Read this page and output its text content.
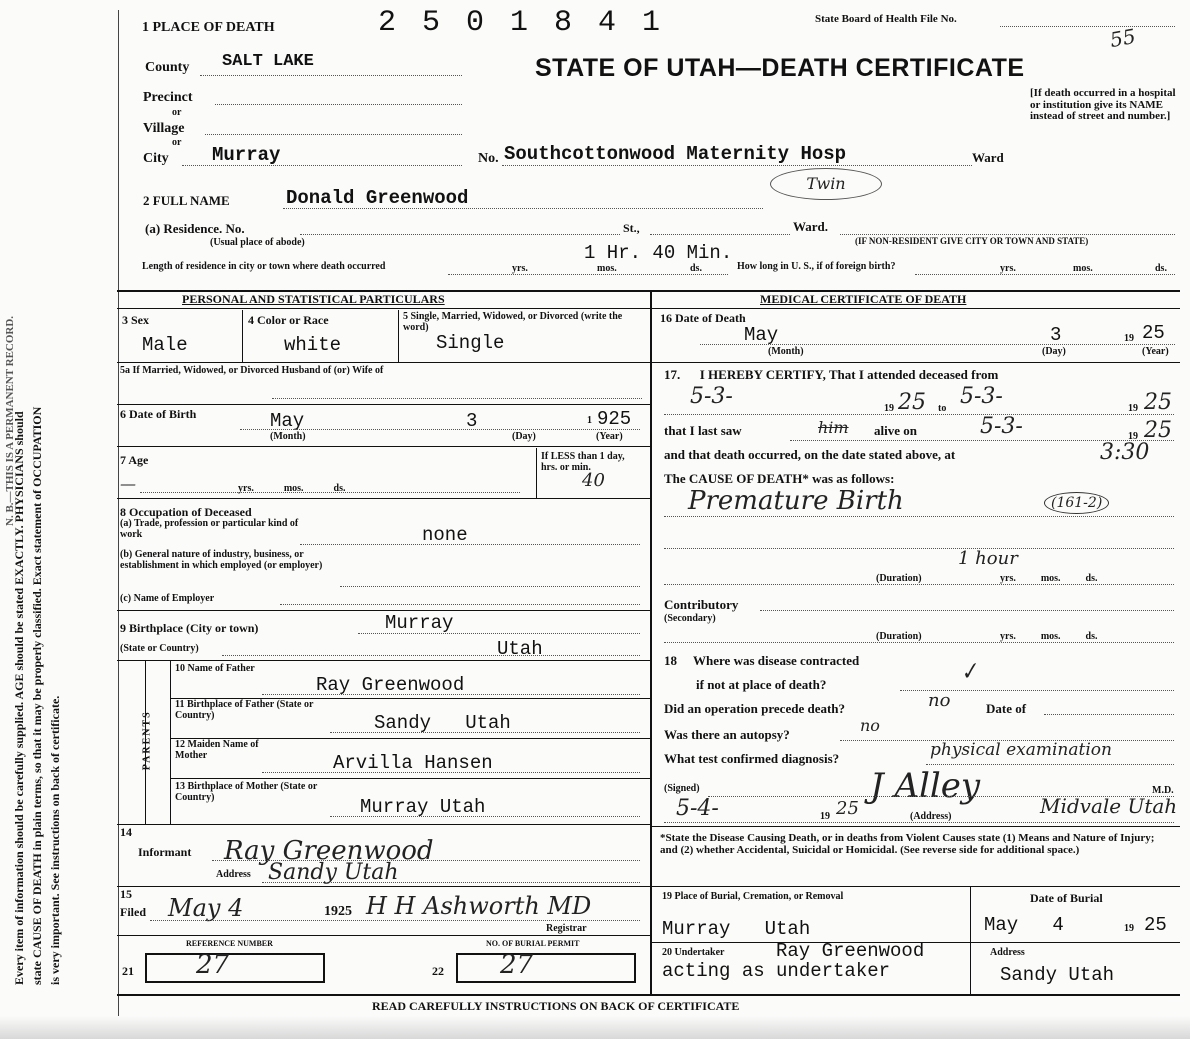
Every item of information should be carefully supplied. AGE should be stated EXACTLY. PHYSICIANS should state CAUSE OF DEATH in plain terms, so that it may be properly classified. Exact statement of OCCUPATION is very important. See instructions on back of certificate.
N. B.—THIS IS A PERMANENT RECORD.
1 PLACE OF DEATH	2 5 0 1 8 4 1	State Board of Health File No.
55
STATE OF UTAH—DEATH CERTIFICATE
County SALT LAKE
Precinct
or
Village
or
City Murray	No. Southcottonwood Maternity Hosp	Ward
[If death occurred in a hospital or institution give its NAME instead of street and number.]
Twin
2 FULL NAME	Donald Greenwood
(a) Residence. No.
(Usual place of abode)
St.,	Ward.
(IF NON-RESIDENT GIVE CITY OR TOWN AND STATE)
1 Hr. 40 Min.
Length of residence in city or town where death occurred	yrs.	mos.	ds.	How long in U. S., if of foreign birth?	yrs.	mos.	ds.
PERSONAL AND STATISTICAL PARTICULARS
3 Sex
Male
4 Color or Race
white
5 Single, Married, Widowed, or Divorced (write the word)
Single
5a If Married, Widowed, or Divorced Husband of (or) Wife of
6 Date of Birth	May	3	1 925
(Month)	(Day)	(Year)
7 Age
—	yrs.            mos.            ds.
If LESS than 1 day, hrs. or min.
40
8 Occupation of Deceased
(a) Trade, profession or particular kind of work	none
(b) General nature of industry, business, or establishment in which employed (or employer)
(c) Name of Employer
9 Birthplace (City or town)	Murray
(State or Country)	Utah
PARENTS
10 Name of Father
Ray Greenwood
11 Birthplace of Father (State or Country)	Sandy   Utah
12 Maiden Name of Mother	Arvilla Hansen
13 Birthplace of Mother (State or Country)	Murray Utah
14
Informant Ray Greenwood
Address Sandy Utah
15
Filed May 4	1925 H H Ashworth MD
Registrar
REFERENCE NUMBER	NO. OF BURIAL PERMIT
21	22
27	27
MEDICAL CERTIFICATE OF DEATH
16 Date of Death
May	3	19 25
(Month)	(Day)	(Year)
17.      I HEREBY CERTIFY, That I attended deceased from
5-3-	19 25 to 5-3-	19 25
that I last saw	him alive on	5-3-	19 25
and that death occurred, on the date stated above, at	3:30
The CAUSE OF DEATH* was as follows:
Premature Birth	(161-2)
1 hour
(Duration)	yrs.          mos.          ds.
Contributory
(Secondary)
(Duration)	yrs.          mos.          ds.
18     Where was disease contracted	✓
if not at place of death?
Did an operation precede death?	no	Date of
Was there an autopsy?	no
What test confirmed diagnosis?	physical examination
(Signed)	J Alley	M.D.
5-4-	19 25	(Address)	Midvale Utah
*State the Disease Causing Death, or in deaths from Violent Causes state (1) Means and Nature of Injury; and (2) whether Accidental, Suicidal or Homicidal. (See reverse side for additional space.)
19 Place of Burial, Cremation, or Removal
Murray   Utah
Date of Burial
May   4	19 25
20 Undertaker	Ray Greenwood
acting as undertaker
Address
Sandy Utah
READ CAREFULLY INSTRUCTIONS ON BACK OF CERTIFICATE
